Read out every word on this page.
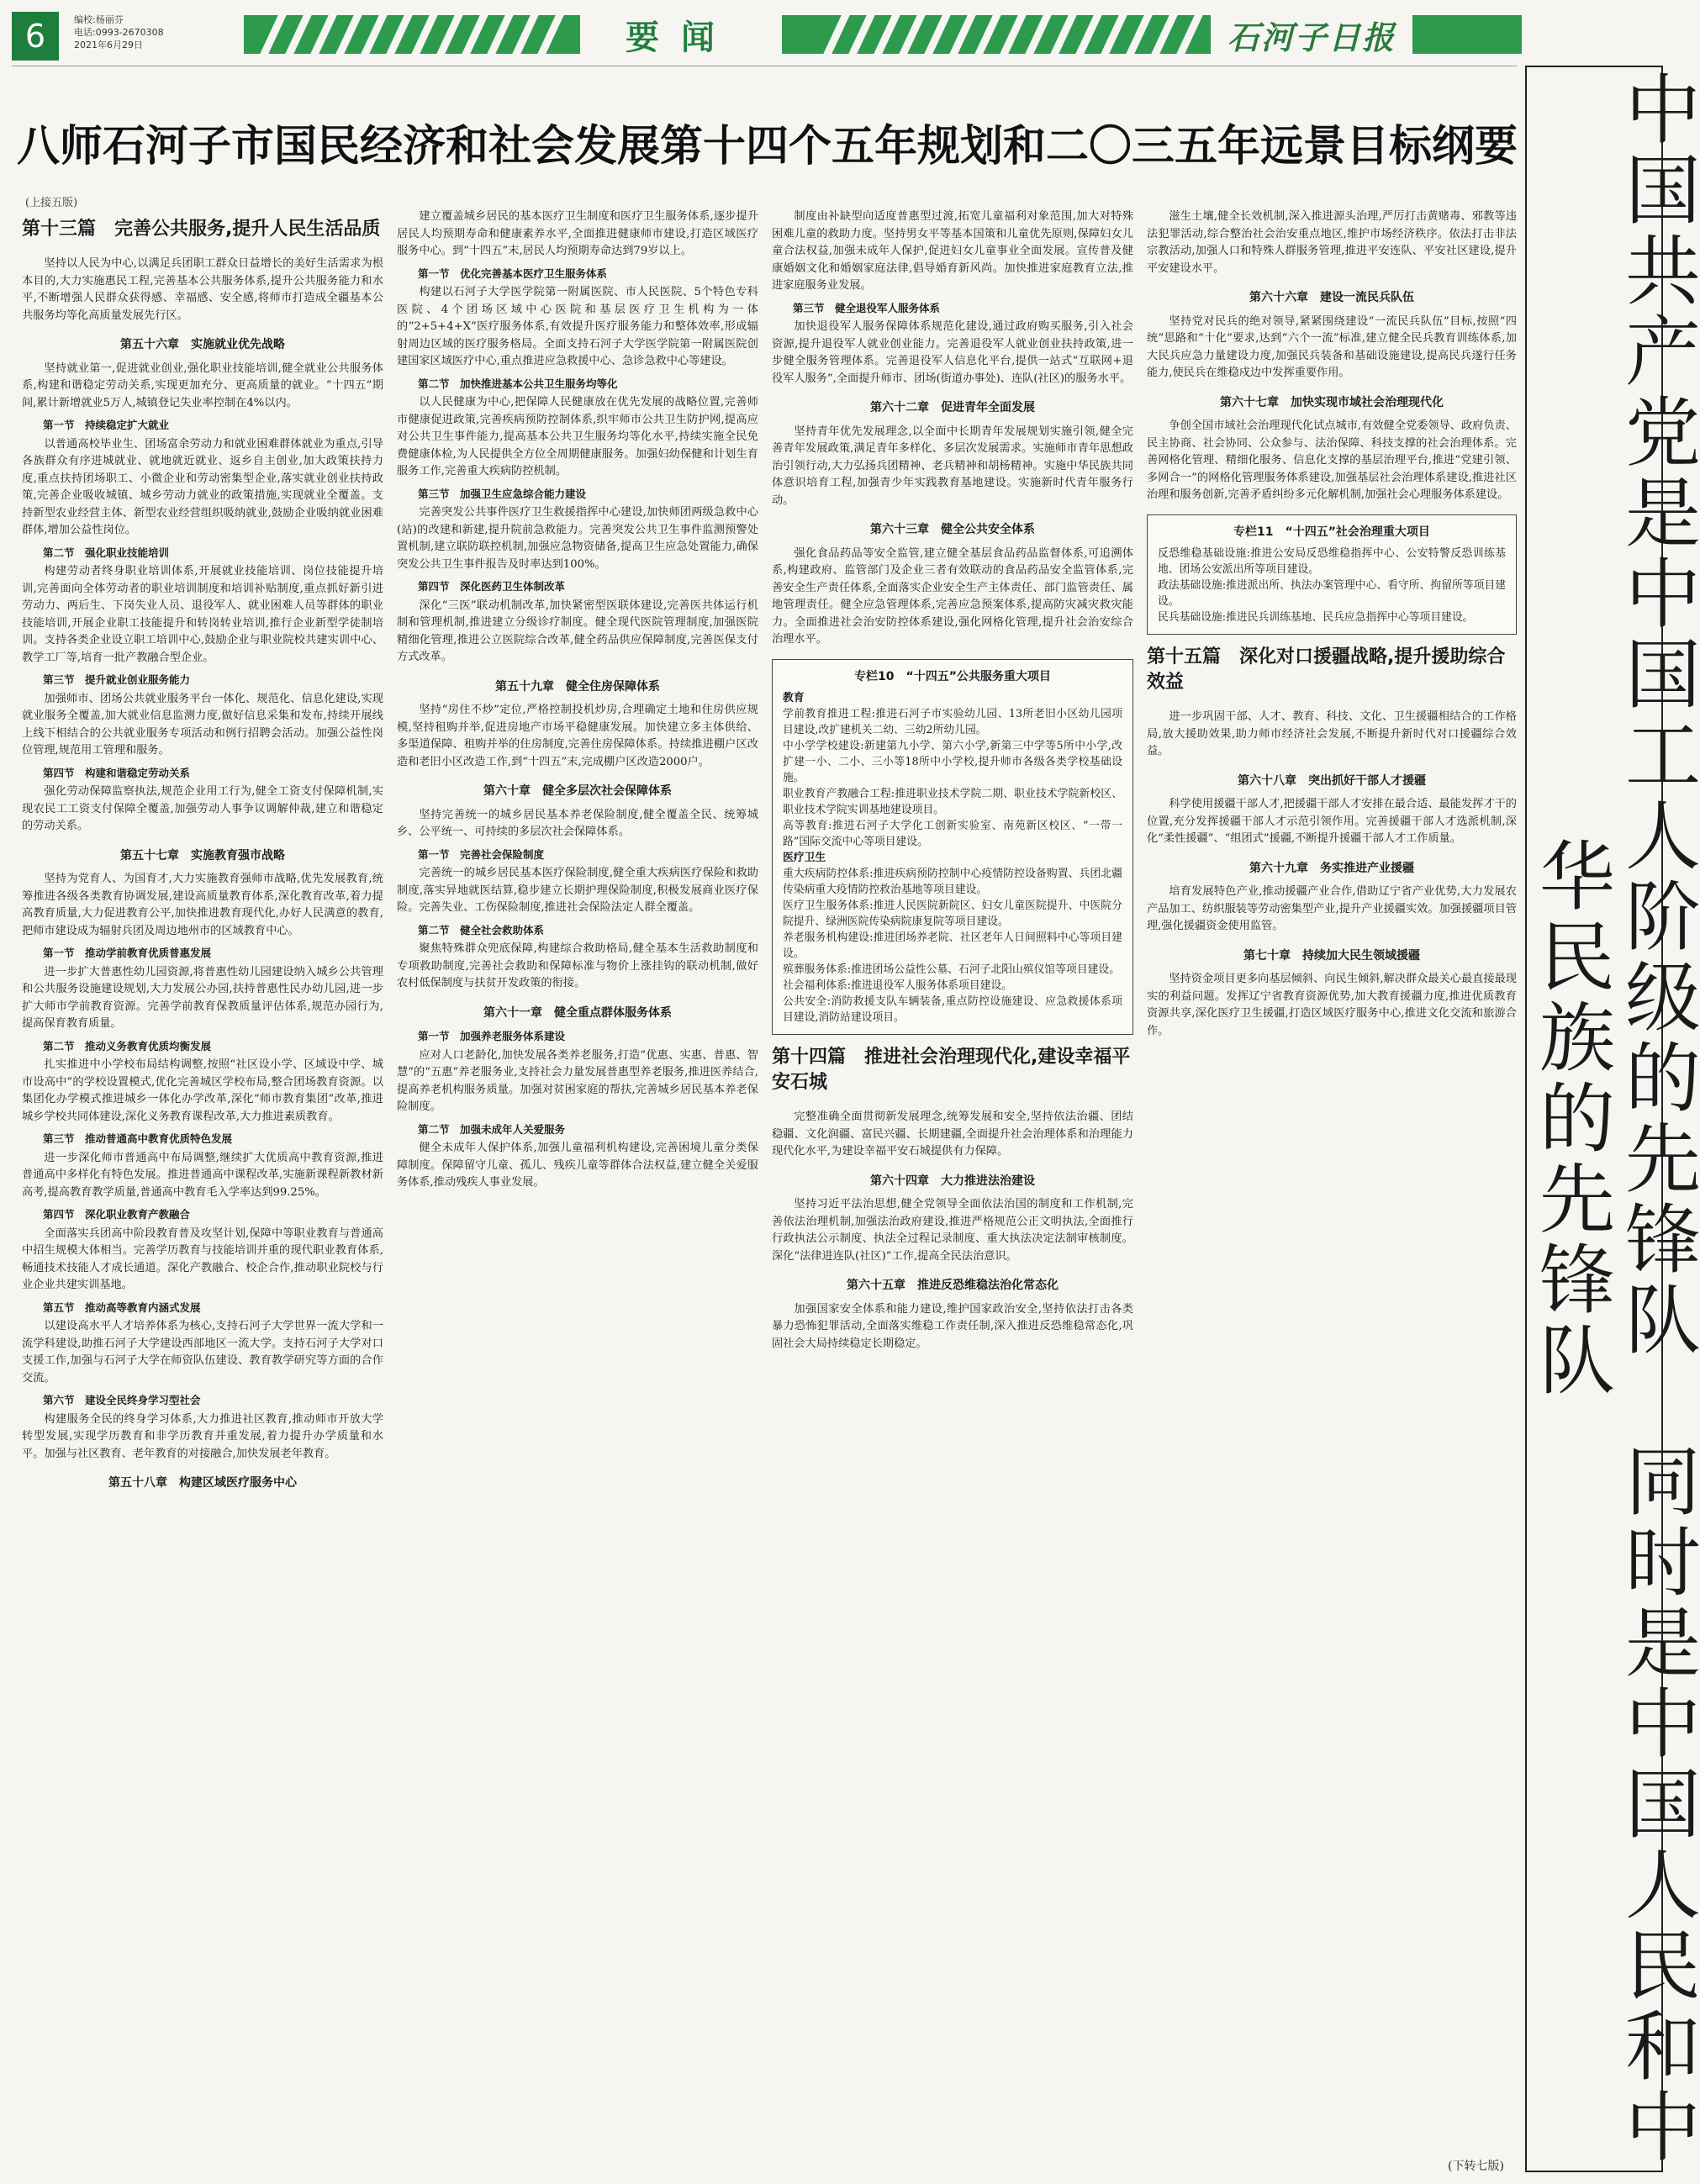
6	编校:杨丽芬
电话:0993-2670308
2021年6月29日	要闻	石河子日报
八师石河子市国民经济和社会发展第十四个五年规划和二〇三五年远景目标纲要
(上接五版)

第十三篇　完善公共服务,提升人民生活品质

坚持以人民为中心,以满足兵团职工群众日益增长的美好生活需求为根本目的,大力实施惠民工程,完善基本公共服务体系,提升公共服务能力和水平,不断增强人民群众获得感、幸福感、安全感,将师市打造成全疆基本公共服务均等化高质量发展先行区。

第五十六章　实施就业优先战略

坚持就业第一,促进就业创业,强化职业技能培训,健全就业公共服务体系,构建和谐稳定劳动关系,实现更加充分、更高质量的就业。“十四五”期间,累计新增就业5万人,城镇登记失业率控制在4%以内。

第一节　持续稳定扩大就业

以普通高校毕业生、团场富余劳动力和就业困难群体就业为重点,引导各族群众有序进城就业、就地就近就业、返乡自主创业,加大政策扶持力度,重点扶持团场职工、小微企业和劳动密集型企业,落实就业创业扶持政策,完善企业吸收城镇、城乡劳动力就业的政策措施,实现就业全覆盖。支持新型农业经营主体、新型农业经营组织吸纳就业,鼓励企业吸纳就业困难群体,增加公益性岗位。

第二节　强化职业技能培训

构建劳动者终身职业培训体系,开展就业技能培训、岗位技能提升培训,完善面向全体劳动者的职业培训制度和培训补贴制度,重点抓好新引进劳动力、两后生、下岗失业人员、退役军人、就业困难人员等群体的职业技能培训,开展企业职工技能提升和转岗转业培训,推行企业新型学徒制培训。支持各类企业设立职工培训中心,鼓励企业与职业院校共建实训中心、教学工厂等,培育一批产教融合型企业。

第三节　提升就业创业服务能力

加强师市、团场公共就业服务平台一体化、规范化、信息化建设,实现就业服务全覆盖,加大就业信息监测力度,做好信息采集和发布,持续开展线上线下相结合的公共就业服务专项活动和例行招聘会活动。加强公益性岗位管理,规范用工管理和服务。

第四节　构建和谐稳定劳动关系

强化劳动保障监察执法,规范企业用工行为,健全工资支付保障机制,实现农民工工资支付保障全覆盖,加强劳动人事争议调解仲裁,建立和谐稳定的劳动关系。

第五十七章　实施教育强市战略

坚持为党育人、为国育才,大力实施教育强师市战略,优先发展教育,统筹推进各级各类教育协调发展,建设高质量教育体系,深化教育改革,着力提高教育质量,大力促进教育公平,加快推进教育现代化,办好人民满意的教育,把师市建设成为辐射兵团及周边地州市的区域教育中心。

第一节　推动学前教育优质普惠发展

进一步扩大普惠性幼儿园资源,将普惠性幼儿园建设纳入城乡公共管理和公共服务设施建设规划,大力发展公办园,扶持普惠性民办幼儿园,进一步扩大师市学前教育资源。完善学前教育保教质量评估体系,规范办园行为,提高保育教育质量。

第二节　推动义务教育优质均衡发展

扎实推进中小学校布局结构调整,按照“社区设小学、区域设中学、城市设高中”的学校设置模式,优化完善城区学校布局,整合团场教育资源。以集团化办学模式推进城乡一体化办学改革,深化“师市教育集团”改革,推进城乡学校共同体建设,深化义务教育课程改革,大力推进素质教育。

第三节　推动普通高中教育优质特色发展

进一步深化师市普通高中布局调整,继续扩大优质高中教育资源,推进普通高中多样化有特色发展。推进普通高中课程改革,实施新课程新教材新高考,提高教育教学质量,普通高中教育毛入学率达到99.25%。

第四节　深化职业教育产教融合

全面落实兵团高中阶段教育普及攻坚计划,保障中等职业教育与普通高中招生规模大体相当。完善学历教育与技能培训并重的现代职业教育体系,畅通技术技能人才成长通道。深化产教融合、校企合作,推动职业院校与行业企业共建实训基地。

第五节　推动高等教育内涵式发展

以建设高水平人才培养体系为核心,支持石河子大学世界一流大学和一流学科建设,助推石河子大学建设西部地区一流大学。支持石河子大学对口支援工作,加强与石河子大学在师资队伍建设、教育教学研究等方面的合作交流。

第六节　建设全民终身学习型社会

构建服务全民的终身学习体系,大力推进社区教育,推动师市开放大学转型发展,实现学历教育和非学历教育并重发展,着力提升办学质量和水平。加强与社区教育、老年教育的对接融合,加快发展老年教育。

第五十八章　构建区域医疗服务中心

建立覆盖城乡居民的基本医疗卫生制度和医疗卫生服务体系,逐步提升居民人均预期寿命和健康素养水平,全面推进健康师市建设,打造区域医疗服务中心。到“十四五”末,居民人均预期寿命达到79岁以上。

第一节　优化完善基本医疗卫生服务体系

构建以石河子大学医学院第一附属医院、市人民医院、5个特色专科医院、4个团场区域中心医院和基层医疗卫生机构为一体的“2+5+4+X”医疗服务体系,有效提升医疗服务能力和整体效率,形成辐射周边区域的医疗服务格局。全面支持石河子大学医学院第一附属医院创建国家区域医疗中心,重点推进应急救援中心、急诊急救中心等建设。

第二节　加快推进基本公共卫生服务均等化

以人民健康为中心,把保障人民健康放在优先发展的战略位置,完善师市健康促进政策,完善疾病预防控制体系,织牢师市公共卫生防护网,提高应对公共卫生事件能力,提高基本公共卫生服务均等化水平,持续实施全民免费健康体检,为人民提供全方位全周期健康服务。加强妇幼保健和计划生育服务工作,完善重大疾病防控机制。

第三节　加强卫生应急综合能力建设

完善突发公共事件医疗卫生救援指挥中心建设,加快师团两级急救中心(站)的改建和新建,提升院前急救能力。完善突发公共卫生事件监测预警处置机制,建立联防联控机制,加强应急物资储备,提高卫生应急处置能力,确保突发公共卫生事件报告及时率达到100%。

第四节　深化医药卫生体制改革

深化“三医”联动机制改革,加快紧密型医联体建设,完善医共体运行机制和管理机制,推进建立分级诊疗制度。健全现代医院管理制度,加强医院精细化管理,推进公立医院综合改革,健全药品供应保障制度,完善医保支付方式改革。

第五十九章　健全住房保障体系

坚持“房住不炒”定位,严格控制投机炒房,合理确定土地和住房供应规模,坚持租购并举,促进房地产市场平稳健康发展。加快建立多主体供给、多渠道保障、租购并举的住房制度,完善住房保障体系。持续推进棚户区改造和老旧小区改造工作,到“十四五”末,完成棚户区改造2000户。

第六十章　健全多层次社会保障体系

坚持完善统一的城乡居民基本养老保险制度,健全覆盖全民、统筹城乡、公平统一、可持续的多层次社会保障体系。

第一节　完善社会保险制度

完善统一的城乡居民基本医疗保险制度,健全重大疾病医疗保险和救助制度,落实异地就医结算,稳步建立长期护理保险制度,积极发展商业医疗保险。完善失业、工伤保险制度,推进社会保险法定人群全覆盖。

第二节　健全社会救助体系

聚焦特殊群众兜底保障,构建综合救助格局,健全基本生活救助制度和专项救助制度,完善社会救助和保障标准与物价上涨挂钩的联动机制,做好农村低保制度与扶贫开发政策的衔接。

第六十一章　健全重点群体服务体系

第一节　加强养老服务体系建设

应对人口老龄化,加快发展各类养老服务,打造“优惠、实惠、普惠、智慧”的“五惠”养老服务业,支持社会力量发展普惠型养老服务,推进医养结合,提高养老机构服务质量。加强对贫困家庭的帮扶,完善城乡居民基本养老保险制度。

第二节　加强未成年人关爱服务

健全未成年人保护体系,加强儿童福利机构建设,完善困境儿童分类保障制度。保障留守儿童、孤儿、残疾儿童等群体合法权益,建立健全关爱服务体系,推动残疾人事业发展。

制度由补缺型向适度普惠型过渡,拓宽儿童福利对象范围,加大对特殊困难儿童的救助力度。坚持男女平等基本国策和儿童优先原则,保障妇女儿童合法权益,加强未成年人保护,促进妇女儿童事业全面发展。宣传普及健康婚姻文化和婚姻家庭法律,倡导婚育新风尚。加快推进家庭教育立法,推进家庭服务业发展。

第三节　健全退役军人服务体系

加快退役军人服务保障体系规范化建设,通过政府购买服务,引入社会资源,提升退役军人就业创业能力。完善退役军人就业创业扶持政策,进一步健全服务管理体系。完善退役军人信息化平台,提供一站式“互联网+退役军人服务”,全面提升师市、团场(街道办事处)、连队(社区)的服务水平。

第六十二章　促进青年全面发展

坚持青年优先发展理念,以全面中长期青年发展规划实施引领,健全完善青年发展政策,满足青年多样化、多层次发展需求。实施师市青年思想政治引领行动,大力弘扬兵团精神、老兵精神和胡杨精神。实施中华民族共同体意识培育工程,加强青少年实践教育基地建设。实施新时代青年服务行动。

第六十三章　健全公共安全体系

强化食品药品等安全监管,建立健全基层食品药品监督体系,可追溯体系,构建政府、监管部门及企业三者有效联动的食品药品安全监管体系,完善安全生产责任体系,全面落实企业安全生产主体责任、部门监管责任、属地管理责任。健全应急管理体系,完善应急预案体系,提高防灾减灾救灾能力。全面推进社会治安防控体系建设,强化网格化管理,提升社会治安综合治理水平。

专栏10　“十四五”公共服务重大项目

教育

学前教育推进工程:推进石河子市实验幼儿园、13所老旧小区幼儿园项目建设,改扩建机关二幼、三幼2所幼儿园。

中小学学校建设:新建第九小学、第六小学,新第三中学等5所中小学,改扩建一小、二小、三小等18所中小学校,提升师市各级各类学校基础设施。

职业教育产教融合工程:推进职业技术学院二期、职业技术学院新校区、职业技术学院实训基地建设项目。

高等教育:推进石河子大学化工创新实验室、南苑新区校区、“一带一路”国际交流中心等项目建设。

医疗卫生

重大疾病防控体系:推进疾病预防控制中心疫情防控设备购置、兵团北疆传染病重大疫情防控救治基地等项目建设。

医疗卫生服务体系:推进人民医院新院区、妇女儿童医院提升、中医院分院提升、绿洲医院传染病院康复院等项目建设。

养老服务机构建设:推进团场养老院、社区老年人日间照料中心等项目建设。

殡葬服务体系:推进团场公益性公墓、石河子北阳山殡仪馆等项目建设。

社会福利体系:推进退役军人服务体系项目建设。

公共安全:消防救援支队车辆装备,重点防控设施建设、应急救援体系项目建设,消防站建设项目。

第十四篇　推进社会治理现代化,建设幸福平安石城

完整准确全面贯彻新发展理念,统筹发展和安全,坚持依法治疆、团结稳疆、文化润疆、富民兴疆、长期建疆,全面提升社会治理体系和治理能力现代化水平,为建设幸福平安石城提供有力保障。

第六十四章　大力推进法治建设

坚持习近平法治思想,健全党领导全面依法治国的制度和工作机制,完善依法治理机制,加强法治政府建设,推进严格规范公正文明执法,全面推行行政执法公示制度、执法全过程记录制度、重大执法决定法制审核制度。深化“法律进连队(社区)”工作,提高全民法治意识。

第六十五章　推进反恐维稳法治化常态化

加强国家安全体系和能力建设,维护国家政治安全,坚持依法打击各类暴力恐怖犯罪活动,全面落实维稳工作责任制,深入推进反恐维稳常态化,巩固社会大局持续稳定长期稳定。

滋生土壤,健全长效机制,深入推进源头治理,严厉打击黄赌毒、邪教等违法犯罪活动,综合整治社会治安重点地区,维护市场经济秩序。依法打击非法宗教活动,加强人口和特殊人群服务管理,推进平安连队、平安社区建设,提升平安建设水平。

第六十六章　建设一流民兵队伍

坚持党对民兵的绝对领导,紧紧围绕建设“一流民兵队伍”目标,按照“四统”思路和“十化”要求,达到“六个一流”标准,建立健全民兵教育训练体系,加大民兵应急力量建设力度,加强民兵装备和基础设施建设,提高民兵遂行任务能力,使民兵在维稳戍边中发挥重要作用。

第六十七章　加快实现市域社会治理现代化

争创全国市域社会治理现代化试点城市,有效健全党委领导、政府负责、民主协商、社会协同、公众参与、法治保障、科技支撑的社会治理体系。完善网格化管理、精细化服务、信息化支撑的基层治理平台,推进“党建引领、多网合一”的网格化管理服务体系建设,加强基层社会治理体系建设,推进社区治理和服务创新,完善矛盾纠纷多元化解机制,加强社会心理服务体系建设。

专栏11　“十四五”社会治理重大项目

反恐维稳基础设施:推进公安局反恐维稳指挥中心、公安特警反恐训练基地、团场公安派出所等项目建设。

政法基础设施:推进派出所、执法办案管理中心、看守所、拘留所等项目建设。

民兵基础设施:推进民兵训练基地、民兵应急指挥中心等项目建设。

第十五篇　深化对口援疆战略,提升援助综合效益

进一步巩固干部、人才、教育、科技、文化、卫生援疆相结合的工作格局,放大援助效果,助力师市经济社会发展,不断提升新时代对口援疆综合效益。

第六十八章　突出抓好干部人才援疆

科学使用援疆干部人才,把援疆干部人才安排在最合适、最能发挥才干的位置,充分发挥援疆干部人才示范引领作用。完善援疆干部人才选派机制,深化“柔性援疆”、“组团式”援疆,不断提升援疆干部人才工作质量。

第六十九章　务实推进产业援疆

培育发展特色产业,推动援疆产业合作,借助辽宁省产业优势,大力发展农产品加工、纺织服装等劳动密集型产业,提升产业援疆实效。加强援疆项目管理,强化援疆资金使用监管。

第七十章　持续加大民生领域援疆

坚持资金项目更多向基层倾斜、向民生倾斜,解决群众最关心最直接最现实的利益问题。发挥辽宁省教育资源优势,加大教育援疆力度,推进优质教育资源共享,深化医疗卫生援疆,打造区域医疗服务中心,推进文化交流和旅游合作。

(下转七版)
中国共产党是中国工人阶级的先锋队　同时是中国人民和中华民族的先锋队
